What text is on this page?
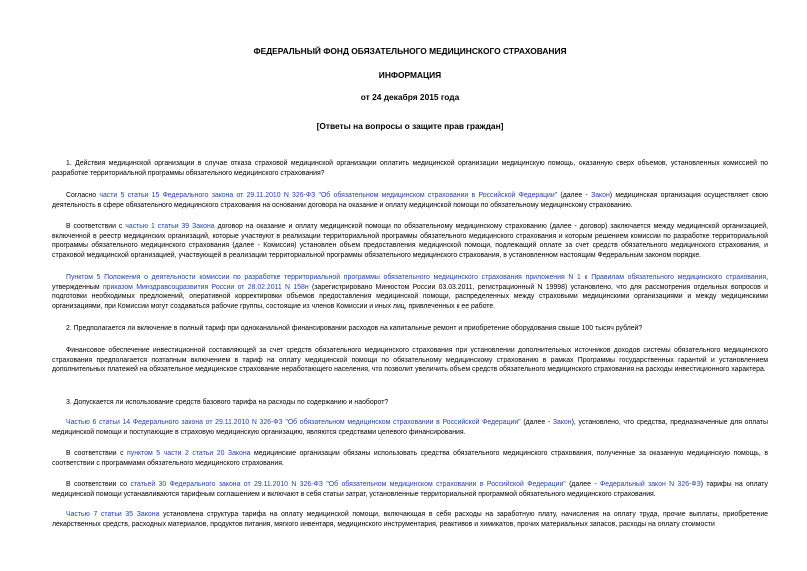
ФЕДЕРАЛЬНЫЙ ФОНД ОБЯЗАТЕЛЬНОГО МЕДИЦИНСКОГО СТРАХОВАНИЯ
ИНФОРМАЦИЯ
от 24 декабря 2015 года
[Ответы на вопросы о защите прав граждан]
1. Действия медицинской организации в случае отказа страховой медицинской организации оплатить медицинской организации медицинскую помощь, оказанную сверх объемов, установленных комиссией по разработке территориальной программы обязательного медицинского страхования?
Согласно части 5 статьи 15 Федерального закона от 29.11.2010 N 326-ФЗ "Об обязательном медицинском страховании в Российской Федерации" (далее - Закон) медицинская организация осуществляет свою деятельность в сфере обязательного медицинского страхования на основании договора на оказание и оплату медицинской помощи по обязательному медицинскому страхованию.
В соответствии с частью 1 статьи 39 Закона договор на оказание и оплату медицинской помощи по обязательному медицинскому страхованию (далее - договор) заключается между медицинской организацией, включенной в реестр медицинских организаций, которые участвуют в реализации территориальной программы обязательного медицинского страхования и которым решением комиссии по разработке территориальной программы обязательного медицинского страхования (далее - Комиссия) установлен объем предоставления медицинской помощи, подлежащий оплате за счет средств обязательного медицинского страхования, и страховой медицинской организацией, участвующей в реализации территориальной программы обязательного медицинского страхования, в установленном настоящим Федеральным законом порядке.
Пунктом 5 Положения о деятельности комиссии по разработке территориальной программы обязательного медицинского страхования приложения N 1 к Правилам обязательного медицинского страхования, утвержденным приказом Минздравсоцразвития России от 28.02.2011 N 158н (зарегистрировано Минюстом России 03.03.2011, регистрационный N 19998) установлено, что для рассмотрения отдельных вопросов и подготовки необходимых предложений, оперативной корректировки объемов предоставления медицинской помощи, распределенных между страховыми медицинскими организациями и между медицинскими организациями, при Комиссии могут создаваться рабочие группы, состоящие из членов Комиссии и иных лиц, привлеченных к ее работе.
2. Предполагается ли включение в полный тариф при одноканальной финансировании расходов на капитальные ремонт и приобретение оборудования свыше 100 тысяч рублей?
Финансовое обеспечение инвестиционной составляющей за счет средств обязательного медицинского страхования при установлении дополнительных источников доходов системы обязательного медицинского страхования предполагается поэтапным включением в тариф на оплату медицинской помощи по обязательному медицинскому страхованию в рамках Программы государственных гарантий и установлением дополнительных платежей на обязательное медицинское страхование неработающего населения, что позволит увеличить объем средств обязательного медицинского страхования на расходы инвестиционного характера.
3. Допускается ли использование средств базового тарифа на расходы по содержанию и наоборот?
Частью 6 статьи 14 Федерального закона от 29.11.2010 N 326-ФЗ "Об обязательном медицинском страховании в Российской Федерации" (далее - Закон), установлено, что средства, предназначенные для оплаты медицинской помощи и поступающие в страховую медицинскую организацию, являются средствами целевого финансирования.
В соответствии с пунктом 5 части 2 статьи 20 Закона медицинские организации обязаны использовать средства обязательного медицинского страхования, полученные за оказанную медицинскую помощь, в соответствии с программами обязательного медицинского страхования.
В соответствии со статьей 30 Федерального закона от 29.11.2010 N 326-ФЗ "Об обязательном медицинском страховании в Российской Федерации" (далее - Федеральный закон N 326-ФЗ) тарифы на оплату медицинской помощи устанавливаются тарифным соглашением и включают в себя статьи затрат, установленные территориальной программой обязательного медицинского страхования.
Частью 7 статьи 35 Закона установлена структура тарифа на оплату медицинской помощи, включающая в себя расходы на заработную плату, начисления на оплату труда, прочие выплаты, приобретение лекарственных средств, расходных материалов, продуктов питания, мягкого инвентаря, медицинского инструментария, реактивов и химикатов, прочих материальных запасов, расходы на оплату стоимости
